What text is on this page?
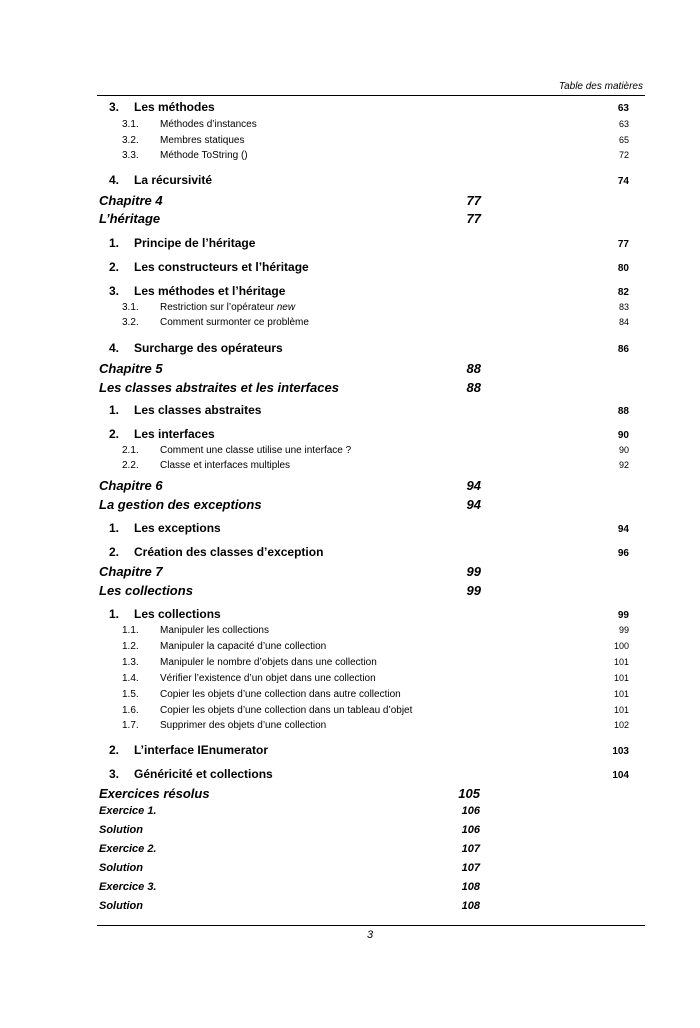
Table des matières
3.	Les méthodes	63
3.1.	Méthodes d’instances	63
3.2.	Membres statiques	65
3.3.	Méthode ToString ()	72
4.	La récursivité	74
Chapitre 4	77
L’héritage	77
1.	Principe de l’héritage	77
2.	Les constructeurs et l’héritage	80
3.	Les méthodes et l’héritage	82
3.1.	Restriction sur l’opérateur new	83
3.2.	Comment surmonter ce problème	84
4.	Surcharge des opérateurs	86
Chapitre 5	88
Les classes abstraites et les interfaces	88
1.	Les classes abstraites	88
2.	Les interfaces	90
2.1.	Comment une classe utilise une interface ?	90
2.2.	Classe et interfaces multiples	92
Chapitre 6	94
La gestion des exceptions	94
1.	Les exceptions	94
2.	Création des classes d’exception	96
Chapitre 7	99
Les collections	99
1.	Les collections	99
1.1.	Manipuler les collections	99
1.2.	Manipuler la capacité d’une collection	100
1.3.	Manipuler le nombre d’objets dans une collection	101
1.4.	Vérifier l’existence d’un objet dans une collection	101
1.5.	Copier les objets d’une collection dans autre collection	101
1.6.	Copier les objets d’une collection dans un tableau d’objet	101
1.7.	Supprimer des objets d’une collection	102
2.	L’interface IEnumerator	103
3.	Généricité et collections	104
Exercices résolus	105
Exercice 1.	106
Solution	106
Exercice 2.	107
Solution	107
Exercice 3.	108
Solution	108
3
